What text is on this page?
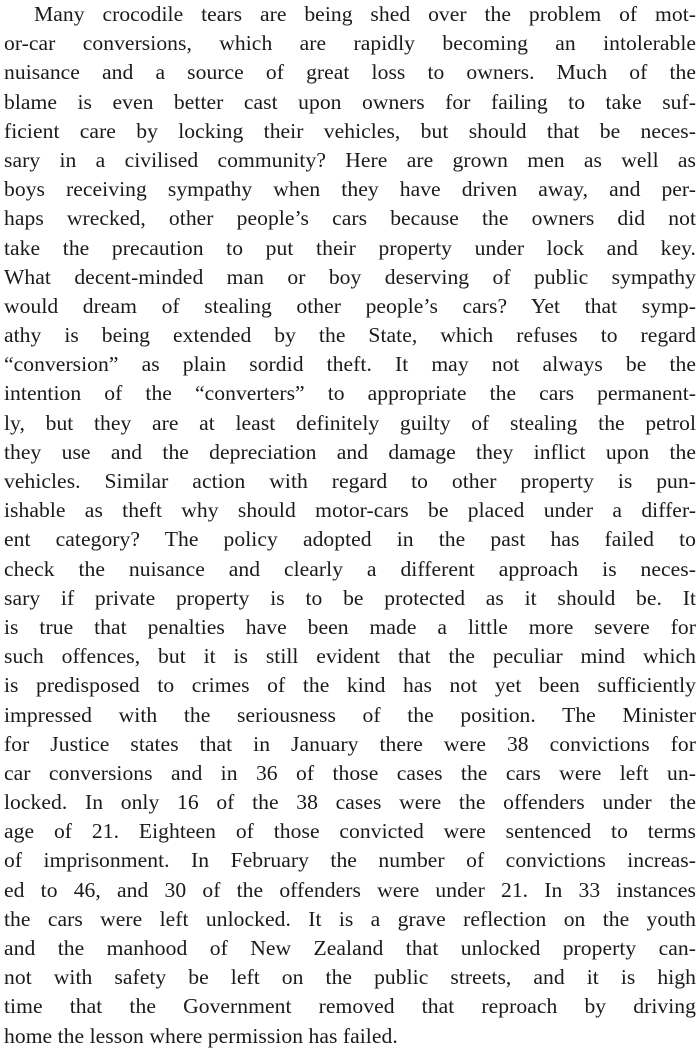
Many crocodile tears are being shed over the problem of mot-
or-car conversions, which are rapidly becoming an intolerable
nuisance and a source of great loss to owners. Much of the
blame is even better cast upon owners for failing to take suf-
ficient care by locking their vehicles, but should that be neces-
sary in a civilised community? Here are grown men as well as
boys receiving sympathy when they have driven away, and per-
haps wrecked, other people’s cars because the owners did not
take the precaution to put their property under lock and key.
What decent-minded man or boy deserving of public sympathy
would dream of stealing other people’s cars? Yet that symp-
athy is being extended by the State, which refuses to regard
“conversion” as plain sordid theft. It may not always be the
intention of the “converters” to appropriate the cars permanent-
ly, but they are at least definitely guilty of stealing the petrol
they use and the depreciation and damage they inflict upon the
vehicles. Similar action with regard to other property is pun-
ishable as theft why should motor-cars be placed under a differ-
ent category? The policy adopted in the past has failed to
check the nuisance and clearly a different approach is neces-
sary if private property is to be protected as it should be. It
is true that penalties have been made a little more severe for
such offences, but it is still evident that the peculiar mind which
is predisposed to crimes of the kind has not yet been sufficiently
impressed with the seriousness of the position. The Minister
for Justice states that in January there were 38 convictions for
car conversions and in 36 of those cases the cars were left un-
locked. In only 16 of the 38 cases were the offenders under the
age of 21. Eighteen of those convicted were sentenced to terms
of imprisonment. In February the number of convictions increas-
ed to 46, and 30 of the offenders were under 21. In 33 instances
the cars were left unlocked. It is a grave reflection on the youth
and the manhood of New Zealand that unlocked property can-
not with safety be left on the public streets, and it is high
time that the Government removed that reproach by driving
home the lesson where permission has failed.
